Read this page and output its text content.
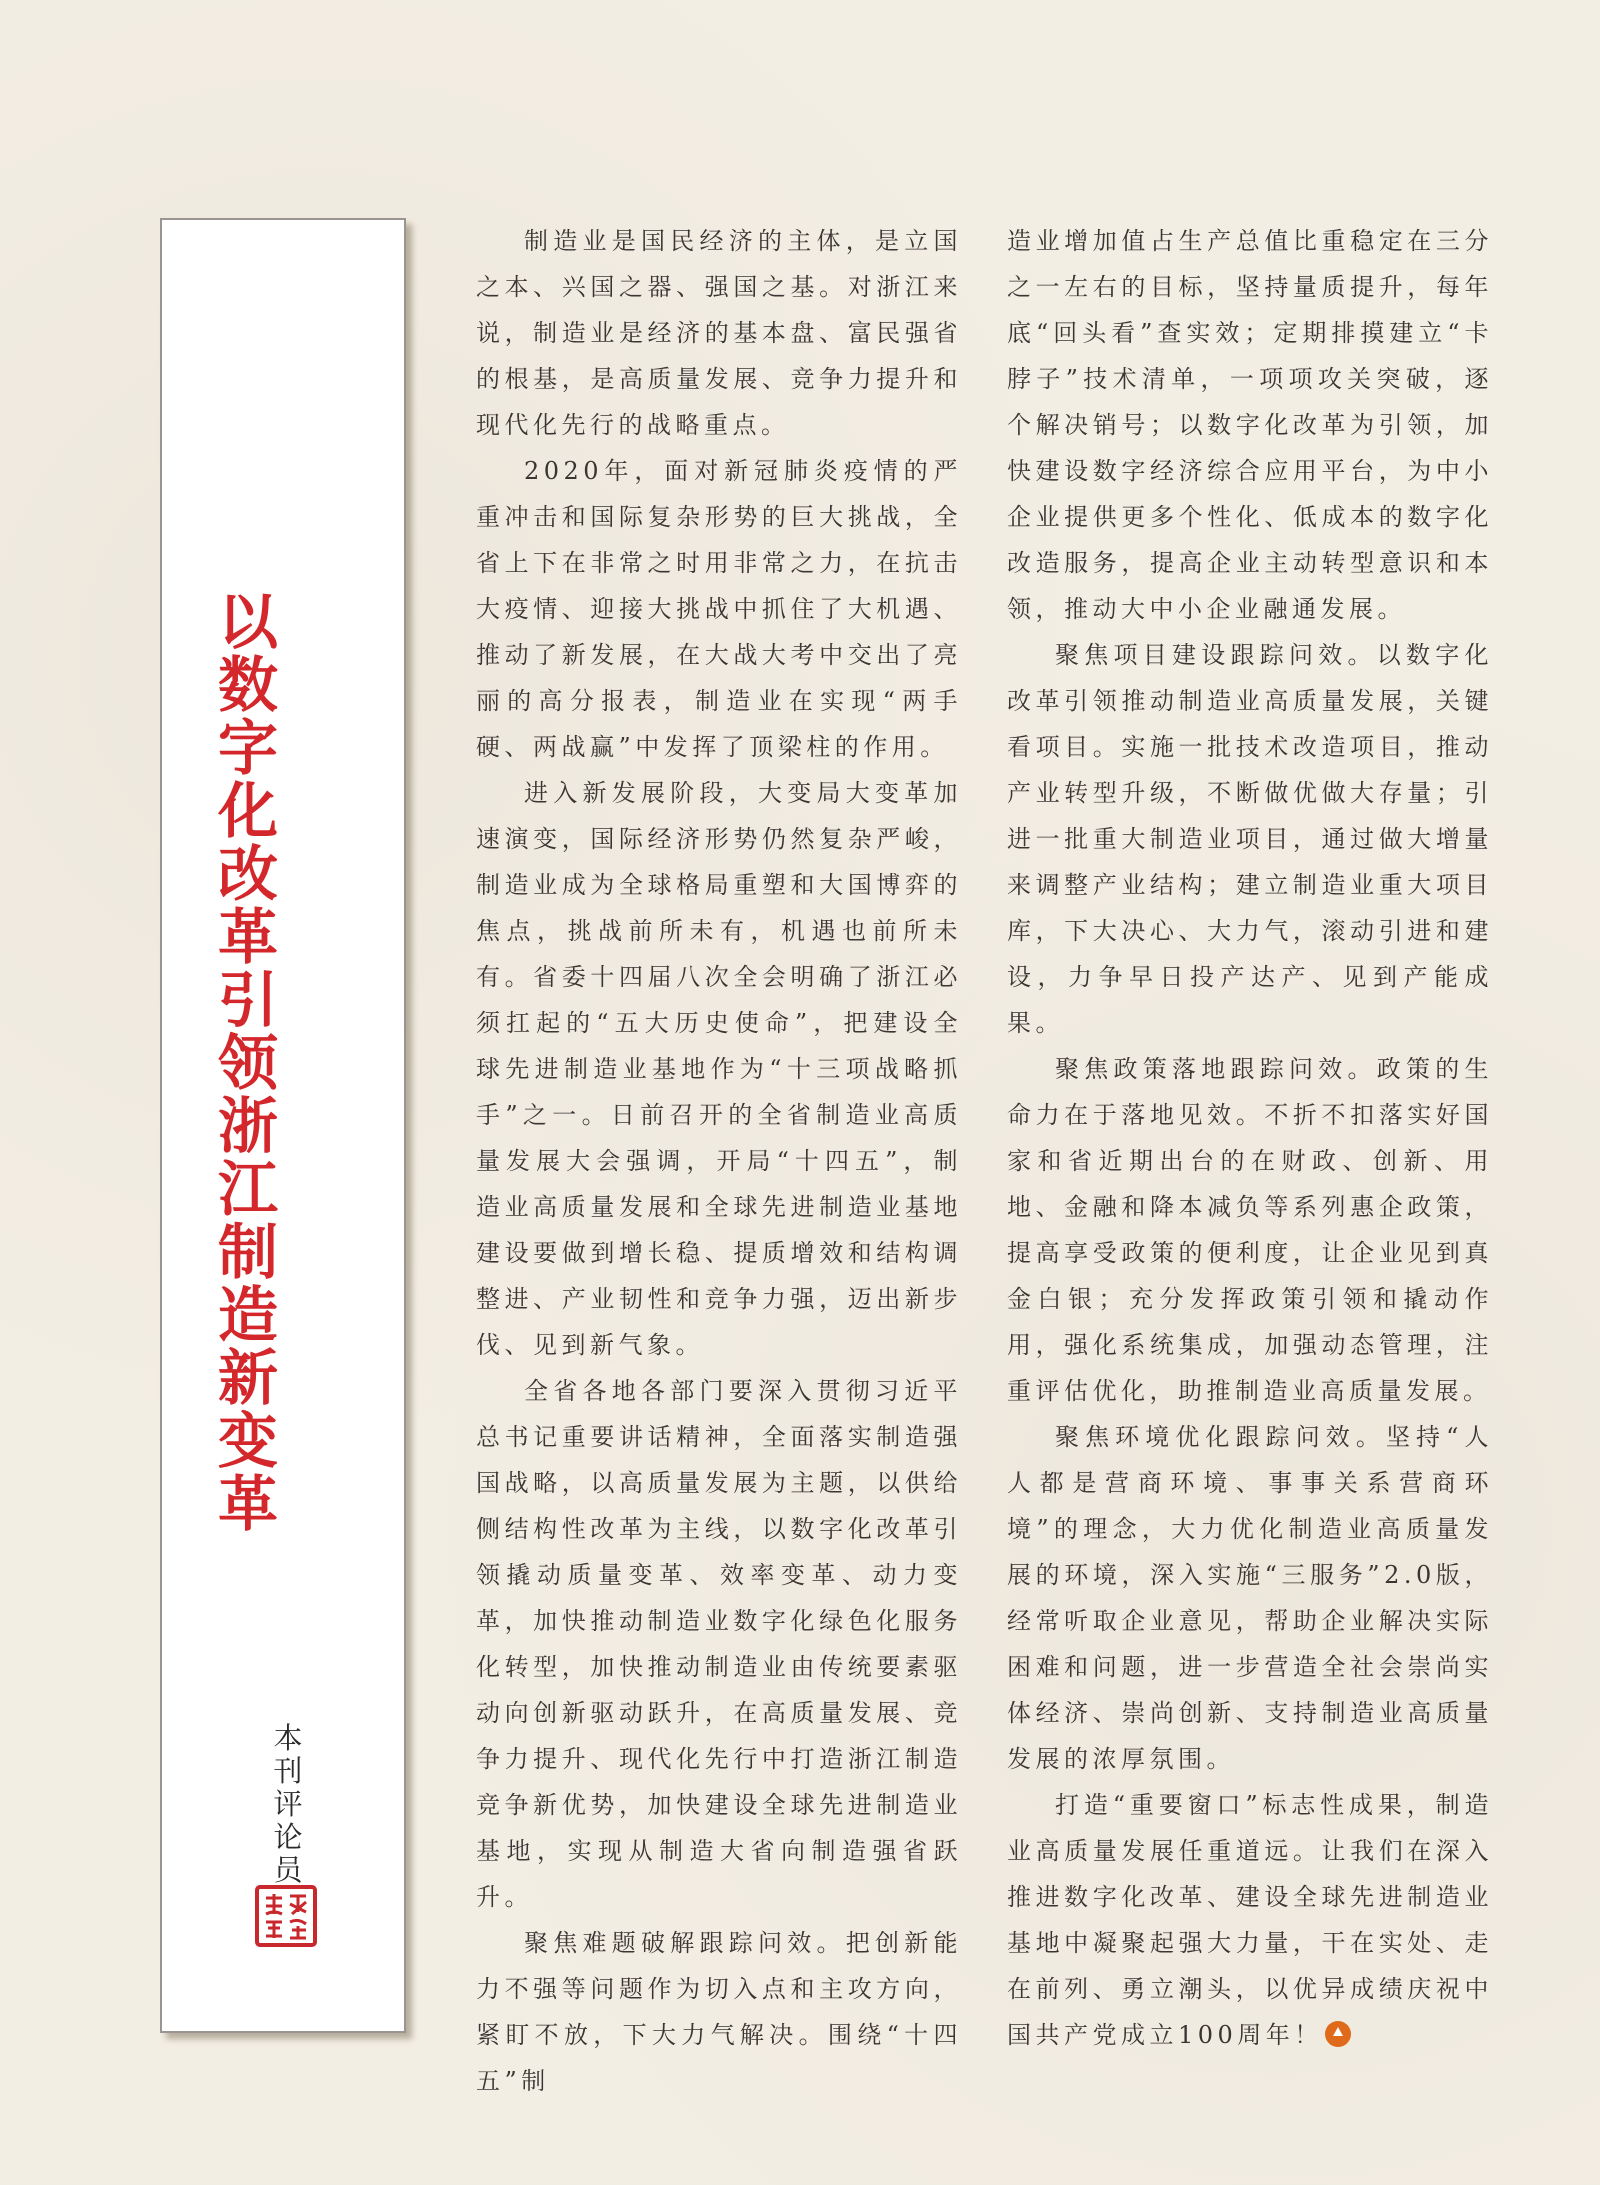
以数字化改革引领浙江制造新变革
本刊评论员

制造业是国民经济的主体，是立国之本、兴国之器、强国之基。对浙江来说，制造业是经济的基本盘、富民强省的根基，是高质量发展、竞争力提升和现代化先行的战略重点。

2020年，面对新冠肺炎疫情的严重冲击和国际复杂形势的巨大挑战，全省上下在非常之时用非常之力，在抗击大疫情、迎接大挑战中抓住了大机遇、推动了新发展，在大战大考中交出了亮丽的高分报表，制造业在实现“两手硬、两战赢”中发挥了顶梁柱的作用。

进入新发展阶段，大变局大变革加速演变，国际经济形势仍然复杂严峻，制造业成为全球格局重塑和大国博弈的焦点，挑战前所未有，机遇也前所未有。省委十四届八次全会明确了浙江必须扛起的“五大历史使命”，把建设全球先进制造业基地作为“十三项战略抓手”之一。日前召开的全省制造业高质量发展大会强调，开局“十四五”，制造业高质量发展和全球先进制造业基地建设要做到增长稳、提质增效和结构调整进、产业韧性和竞争力强，迈出新步伐、见到新气象。

全省各地各部门要深入贯彻习近平总书记重要讲话精神，全面落实制造强国战略，以高质量发展为主题，以供给侧结构性改革为主线，以数字化改革引领撬动质量变革、效率变革、动力变革，加快推动制造业数字化绿色化服务化转型，加快推动制造业由传统要素驱动向创新驱动跃升，在高质量发展、竞争力提升、现代化先行中打造浙江制造竞争新优势，加快建设全球先进制造业基地，实现从制造大省向制造强省跃升。

聚焦难题破解跟踪问效。把创新能力不强等问题作为切入点和主攻方向，紧盯不放，下大力气解决。围绕“十四五”制

造业增加值占生产总值比重稳定在三分之一左右的目标，坚持量质提升，每年底“回头看”查实效；定期排摸建立“卡脖子”技术清单，一项项攻关突破，逐个解决销号；以数字化改革为引领，加快建设数字经济综合应用平台，为中小企业提供更多个性化、低成本的数字化改造服务，提高企业主动转型意识和本领，推动大中小企业融通发展。

聚焦项目建设跟踪问效。以数字化改革引领推动制造业高质量发展，关键看项目。实施一批技术改造项目，推动产业转型升级，不断做优做大存量；引进一批重大制造业项目，通过做大增量来调整产业结构；建立制造业重大项目库，下大决心、大力气，滚动引进和建设，力争早日投产达产、见到产能成果。

聚焦政策落地跟踪问效。政策的生命力在于落地见效。不折不扣落实好国家和省近期出台的在财政、创新、用地、金融和降本减负等系列惠企政策，提高享受政策的便利度，让企业见到真金白银；充分发挥政策引领和撬动作用，强化系统集成，加强动态管理，注重评估优化，助推制造业高质量发展。

聚焦环境优化跟踪问效。坚持“人人都是营商环境、事事关系营商环境”的理念，大力优化制造业高质量发展的环境，深入实施“三服务”2.0版，经常听取企业意见，帮助企业解决实际困难和问题，进一步营造全社会崇尚实体经济、崇尚创新、支持制造业高质量发展的浓厚氛围。

打造“重要窗口”标志性成果，制造业高质量发展任重道远。让我们在深入推进数字化改革、建设全球先进制造业基地中凝聚起强大力量，干在实处、走在前列、勇立潮头，以优异成绩庆祝中国共产党成立100周年！
